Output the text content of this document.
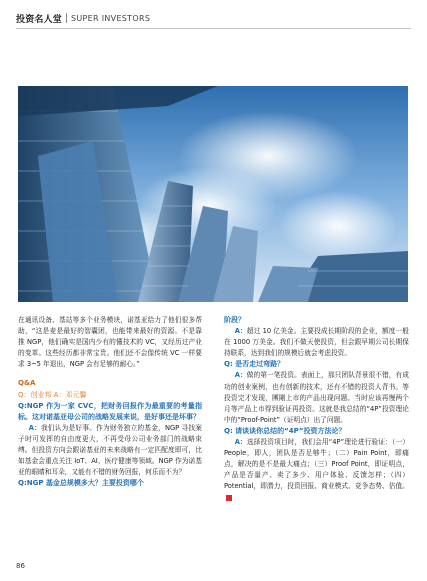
投资名人堂 SUPER INVESTORS

在通讯设备、基站等多个业务模块，诺基亚给力了他们很多帮助，“这是麦是最好的智囊团，也能带来最好的资源。不是靠推 NGP，他们确实是国内少有的懂技术的 VC，又经历过产业的变革。这些经历都非常宝贵。他们还不会像传统 VC 一样要求 3~5 年退出，NGP 会有足够的耐心。”

Q&A
Q：创业邦 A：邓元馨

Q:NGP 作为一家 CVC，把财务回报作为最重要的考量指标。这对诺基亚母公司的战略发展来说，是好事还是坏事？

A：我们认为是好事。作为财务独立的基金，NGP 寻找案子时可发挥的自由度更大，不再受母公司业务部门的战略束缚。但投资方向会跟诺基亚的未来战略有一定匹配度即可，比如基金会重点关注 IoT、AI、医疗健康等领域。NGP 作为诺基亚的眼睛和耳朵，又能有不错的财务回报，何乐而不为？

Q:NGP 基金总规模多大？主要投资哪个

阶段？

A：超过 10 亿美金。主要投成长期阶段的企业，额度一般在 1000 万美金。我们不做天使投资，但会跟早期公司长期保持联系，达到我们的规模后就会考虑投资。

Q: 是否走过弯路？

A：做的第一笔投资。表面上，那只团队背景很不错，有成功的创业案例，也有创新的技术，还有不错的投资人背书。等投资完才发现，團剛上市的产品出现问题。当时应该再慢两个月等产品上市得到验证再投资。这就是我总结的“4P”投资理论中的“Proof-Point”（证明点）出了问题。

Q: 请谈谈你总结的“4P”投资方法论？

A：选择投资项目时，我们会用“4P”理论进行验证：（一）People，即人，团队是否足够牛；（二）Pain Point，即痛点，解决的是不是最大痛点；（三）Proof Point，即证明点，产品是否量产、卖了多少、用户体验、反馈怎样；（四）Potential，即潜力，投资回报、商业模式、竞争态势、估值。

86
